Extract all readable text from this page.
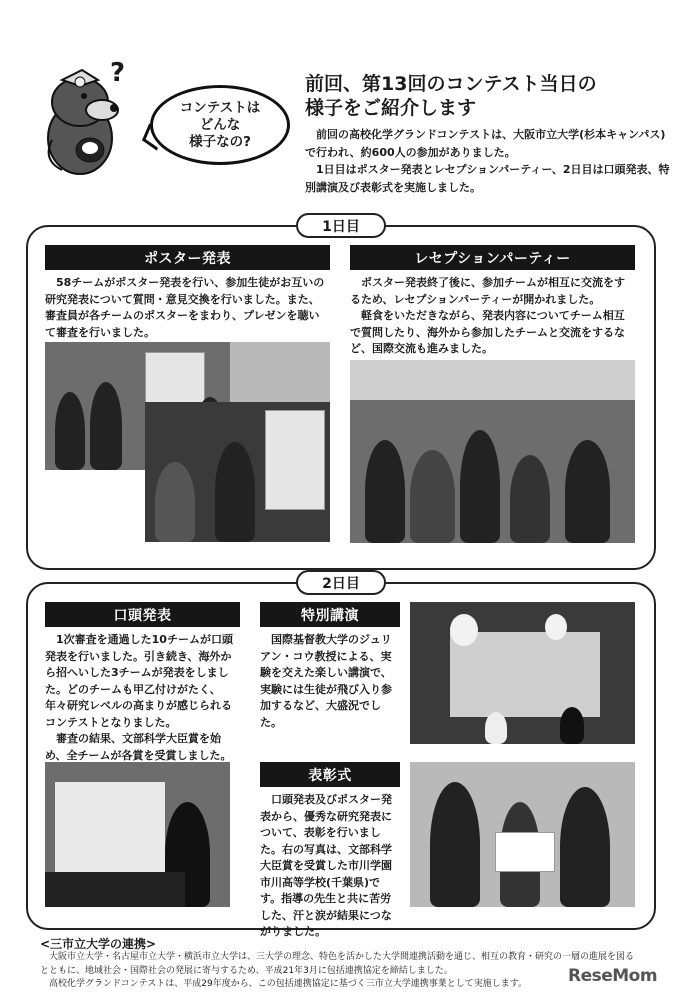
?
コンテストは
どんな
様子なの?
前回、第13回のコンテスト当日の
様子をご紹介します

前回の高校化学グランドコンテストは、大阪市立大学(杉本キャンパス)で行われ、約600人の参加がありました。

1日目はポスター発表とレセプションパーティー、2日目は口頭発表、特別講演及び表彰式を実施しました。

1日目
ポスター発表

58チームがポスター発表を行い、参加生徒がお互いの研究発表について質問・意見交換を行いました。また、審査員が各チームのポスターをまわり、プレゼンを聴いて審査を行いました。

レセプションパーティー

ポスター発表終了後に、参加チームが相互に交流をするため、レセプションパーティーが開かれました。

軽食をいただきながら、発表内容についてチーム相互で質問したり、海外から参加したチームと交流をするなど、国際交流も進みました。

2日目
口頭発表

1次審査を通過した10チームが口頭発表を行いました。引き続き、海外から招へいした3チームが発表をしました。どのチームも甲乙付けがたく、年々研究レベルの高まりが感じられるコンテストとなりました。

審査の結果、文部科学大臣賞を始め、全チームが各賞を受賞しました。

特別講演

国際基督教大学のジュリアン・コウ教授による、実験を交えた楽しい講演で、実験には生徒が飛び入り参加するなど、大盛況でした。

表彰式

口頭発表及びポスター発表から、優秀な研究発表について、表彰を行いました。右の写真は、文部科学大臣賞を受賞した市川学園 市川高等学校(千葉県)です。指導の先生と共に苦労した、汗と涙が結果につながりました。

<三市立大学の連携>

大阪市立大学・名古屋市立大学・横浜市立大学は、三大学の理念、特色を活かした大学間連携活動を通じ、相互の教育・研究の一層の進展を図るとともに、地域社会・国際社会の発展に寄与するため、平成21年3月に包括連携協定を締結しました。

高校化学グランドコンテストは、平成29年度から、この包括連携協定に基づく三市立大学連携事業として実施します。	ReseMom
